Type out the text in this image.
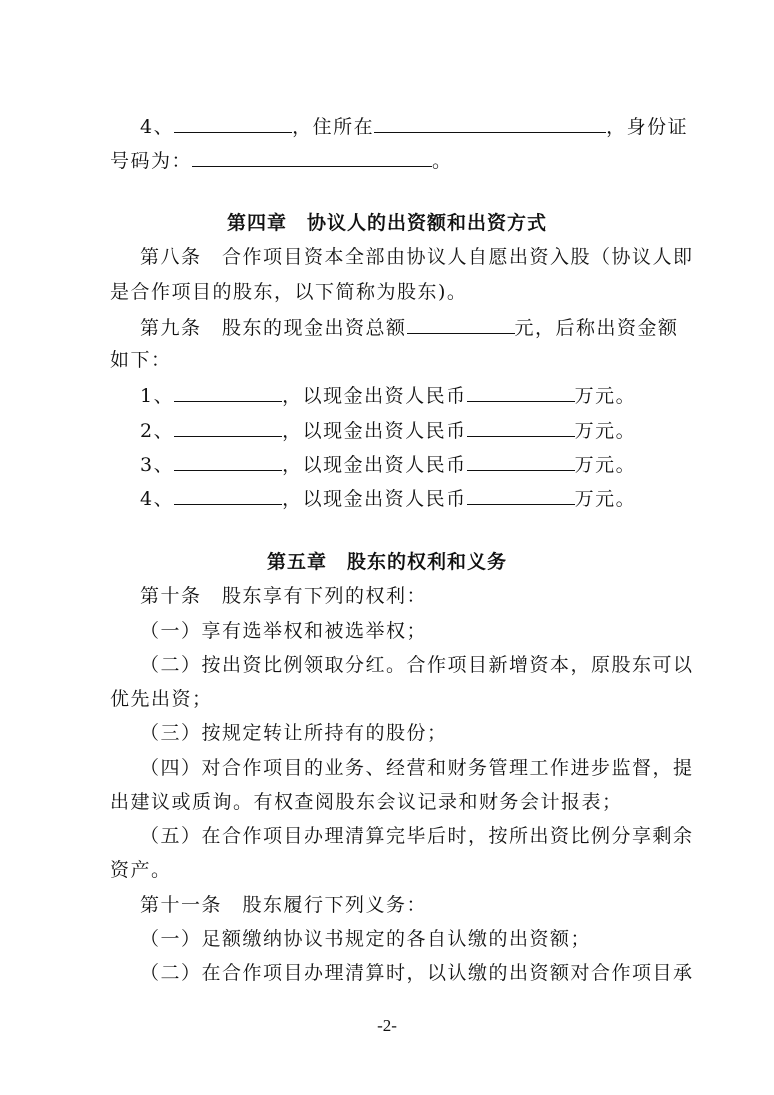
4、	，住所在	，身份证
号码为：	。
第四章　协议人的出资额和出资方式
第八条　合作项目资本全部由协议人自愿出资入股（协议人即
是合作项目的股东，以下简称为股东)。
第九条　股东的现金出资总额	元，后称出资金额
如下：
1、	，以现金出资人民币	万元。
2、	，以现金出资人民币	万元。
3、	，以现金出资人民币	万元。
4、	，以现金出资人民币	万元。
第五章　股东的权利和义务
第十条　股东享有下列的权利：
（一）享有选举权和被选举权；
（二）按出资比例领取分红。合作项目新增资本，原股东可以
优先出资；
（三）按规定转让所持有的股份；
（四）对合作项目的业务、经营和财务管理工作进步监督，提
出建议或质询。有权查阅股东会议记录和财务会计报表；
（五）在合作项目办理清算完毕后时，按所出资比例分享剩余
资产。
第十一条　股东履行下列义务：
（一）足额缴纳协议书规定的各自认缴的出资额；
（二）在合作项目办理清算时，以认缴的出资额对合作项目承
-2-
